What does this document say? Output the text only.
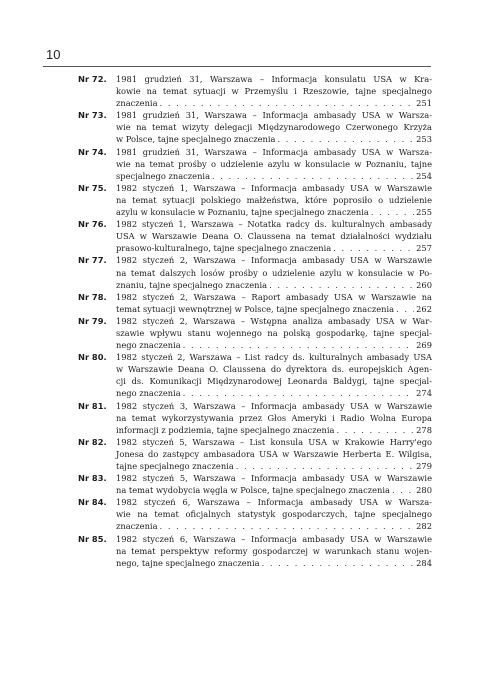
10
Nr 72.	1981 grudzień 31, Warszawa – Informacja konsulatu USA w Kra-
kowie na temat sytuacji w Przemyślu i Rzeszowie, tajne specjalnego
znaczenia . . .	251
Nr 73.	1981 grudzień 31, Warszawa – Informacja ambasady USA w Warsza-
wie na temat wizyty delegacji Międzynarodowego Czerwonego Krzyża
w Polsce, tajne specjalnego znaczenia . . .	253
Nr 74.	1981 grudzień 31, Warszawa – Informacja ambasady USA w Warsza-
wie na temat prośby o udzielenie azylu w konsulacie w Poznaniu, tajne
specjalnego znaczenia . . .	254
Nr 75.	1982 styczeń 1, Warszawa – Informacja ambasady USA w Warszawie
na temat sytuacji polskiego małżeństwa, które poprosiło o udzielenie
azylu w konsulacie w Poznaniu, tajne specjalnego znaczenia . . .	255
Nr 76.	1982 styczeń 1, Warszawa – Notatka radcy ds. kulturalnych ambasady
USA w Warszawie Deana O. Claussena na temat działalności wydziału
prasowo-kulturalnego, tajne specjalnego znaczenia . . .	257
Nr 77.	1982 styczeń 2, Warszawa – Informacja ambasady USA w Warszawie
na temat dalszych losów prośby o udzielenie azylu w konsulacie w Po-
znaniu, tajne specjalnego znaczenia . . .	260
Nr 78.	1982 styczeń 2, Warszawa – Raport ambasady USA w Warszawie na
temat sytuacji wewnętrznej w Polsce, tajne specjalnego znaczenia . . .	262
Nr 79.	1982 styczeń 2, Warszawa – Wstępna analiza ambasady USA w War-
szawie wpływu stanu wojennego na polską gospodarkę, tajne specjal-
nego znaczenia . . .	269
Nr 80.	1982 styczeń 2, Warszawa – List radcy ds. kulturalnych ambasady USA
w Warszawie Deana O. Claussena do dyrektora ds. europejskich Agen-
cji ds. Komunikacji Międzynarodowej Leonarda Baldygi, tajne specjal-
nego znaczenia . . .	274
Nr 81.	1982 styczeń 3, Warszawa – Informacja ambasady USA w Warszawie
na temat wykorzystywania przez Głos Ameryki i Radio Wolna Europa
informacji z podziemia, tajne specjalnego znaczenia . . .	278
Nr 82.	1982 styczeń 5, Warszawa – List konsula USA w Krakowie Harry'ego
Jonesa do zastępcy ambasadora USA w Warszawie Herberta E. Wilgisa,
tajne specjalnego znaczenia . . .	279
Nr 83.	1982 styczeń 5, Warszawa – Informacja ambasady USA w Warszawie
na temat wydobycia węgla w Polsce, tajne specjalnego znaczenia . . .	280
Nr 84.	1982 styczeń 6, Warszawa – Informacja ambasady USA w Warsza-
wie na temat oficjalnych statystyk gospodarczych, tajne specjalnego
znaczenia . . .	282
Nr 85.	1982 styczeń 6, Warszawa – Informacja ambasady USA w Warszawie
na temat perspektyw reformy gospodarczej w warunkach stanu wojen-
nego, tajne specjalnego znaczenia . . .	284
